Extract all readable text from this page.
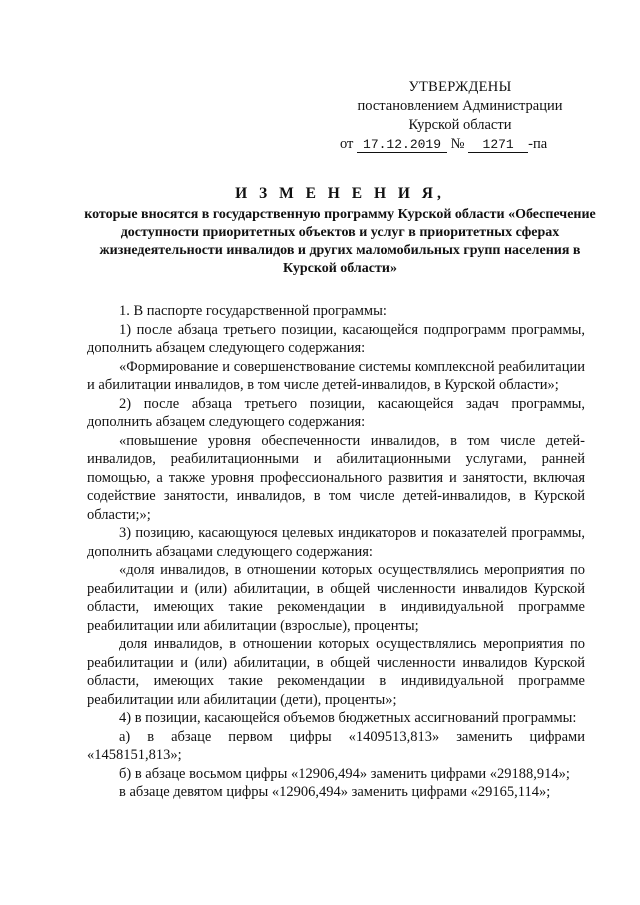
УТВЕРЖДЕНЫ
постановлением Администрации
Курской области
от 17.12.2019 № 1271 -па
И З М Е Н Е Н И Я,
которые вносятся в государственную программу Курской области «Обеспечение доступности приоритетных объектов и услуг в приоритетных сферах жизнедеятельности инвалидов и других маломобильных групп населения в Курской области»

1. В паспорте государственной программы:

1) после абзаца третьего позиции, касающейся подпрограмм программы, дополнить абзацем следующего содержания:

«Формирование и совершенствование системы комплексной реабилитации и абилитации инвалидов, в том числе детей-инвалидов, в Курской области»;

2) после абзаца третьего позиции, касающейся задач программы, дополнить абзацем следующего содержания:

«повышение уровня обеспеченности инвалидов, в том числе детей-инвалидов, реабилитационными и абилитационными услугами, ранней помощью, а также уровня профессионального развития и занятости, включая содействие занятости, инвалидов, в том числе детей-инвалидов, в Курской области;»;

3) позицию, касающуюся целевых индикаторов и показателей программы, дополнить абзацами следующего содержания:

«доля инвалидов, в отношении которых осуществлялись мероприятия по реабилитации и (или) абилитации, в общей численности инвалидов Курской области, имеющих такие рекомендации в индивидуальной программе реабилитации или абилитации (взрослые), проценты;

доля инвалидов, в отношении которых осуществлялись мероприятия по реабилитации и (или) абилитации, в общей численности инвалидов Курской области, имеющих такие рекомендации в индивидуальной программе реабилитации или абилитации (дети), проценты»;

4) в позиции, касающейся объемов бюджетных ассигнований программы:

а) в абзаце первом цифры «1409513,813» заменить цифрами «1458151,813»;

б) в абзаце восьмом цифры «12906,494» заменить цифрами «29188,914»;

в абзаце девятом цифры «12906,494» заменить цифрами «29165,114»;
